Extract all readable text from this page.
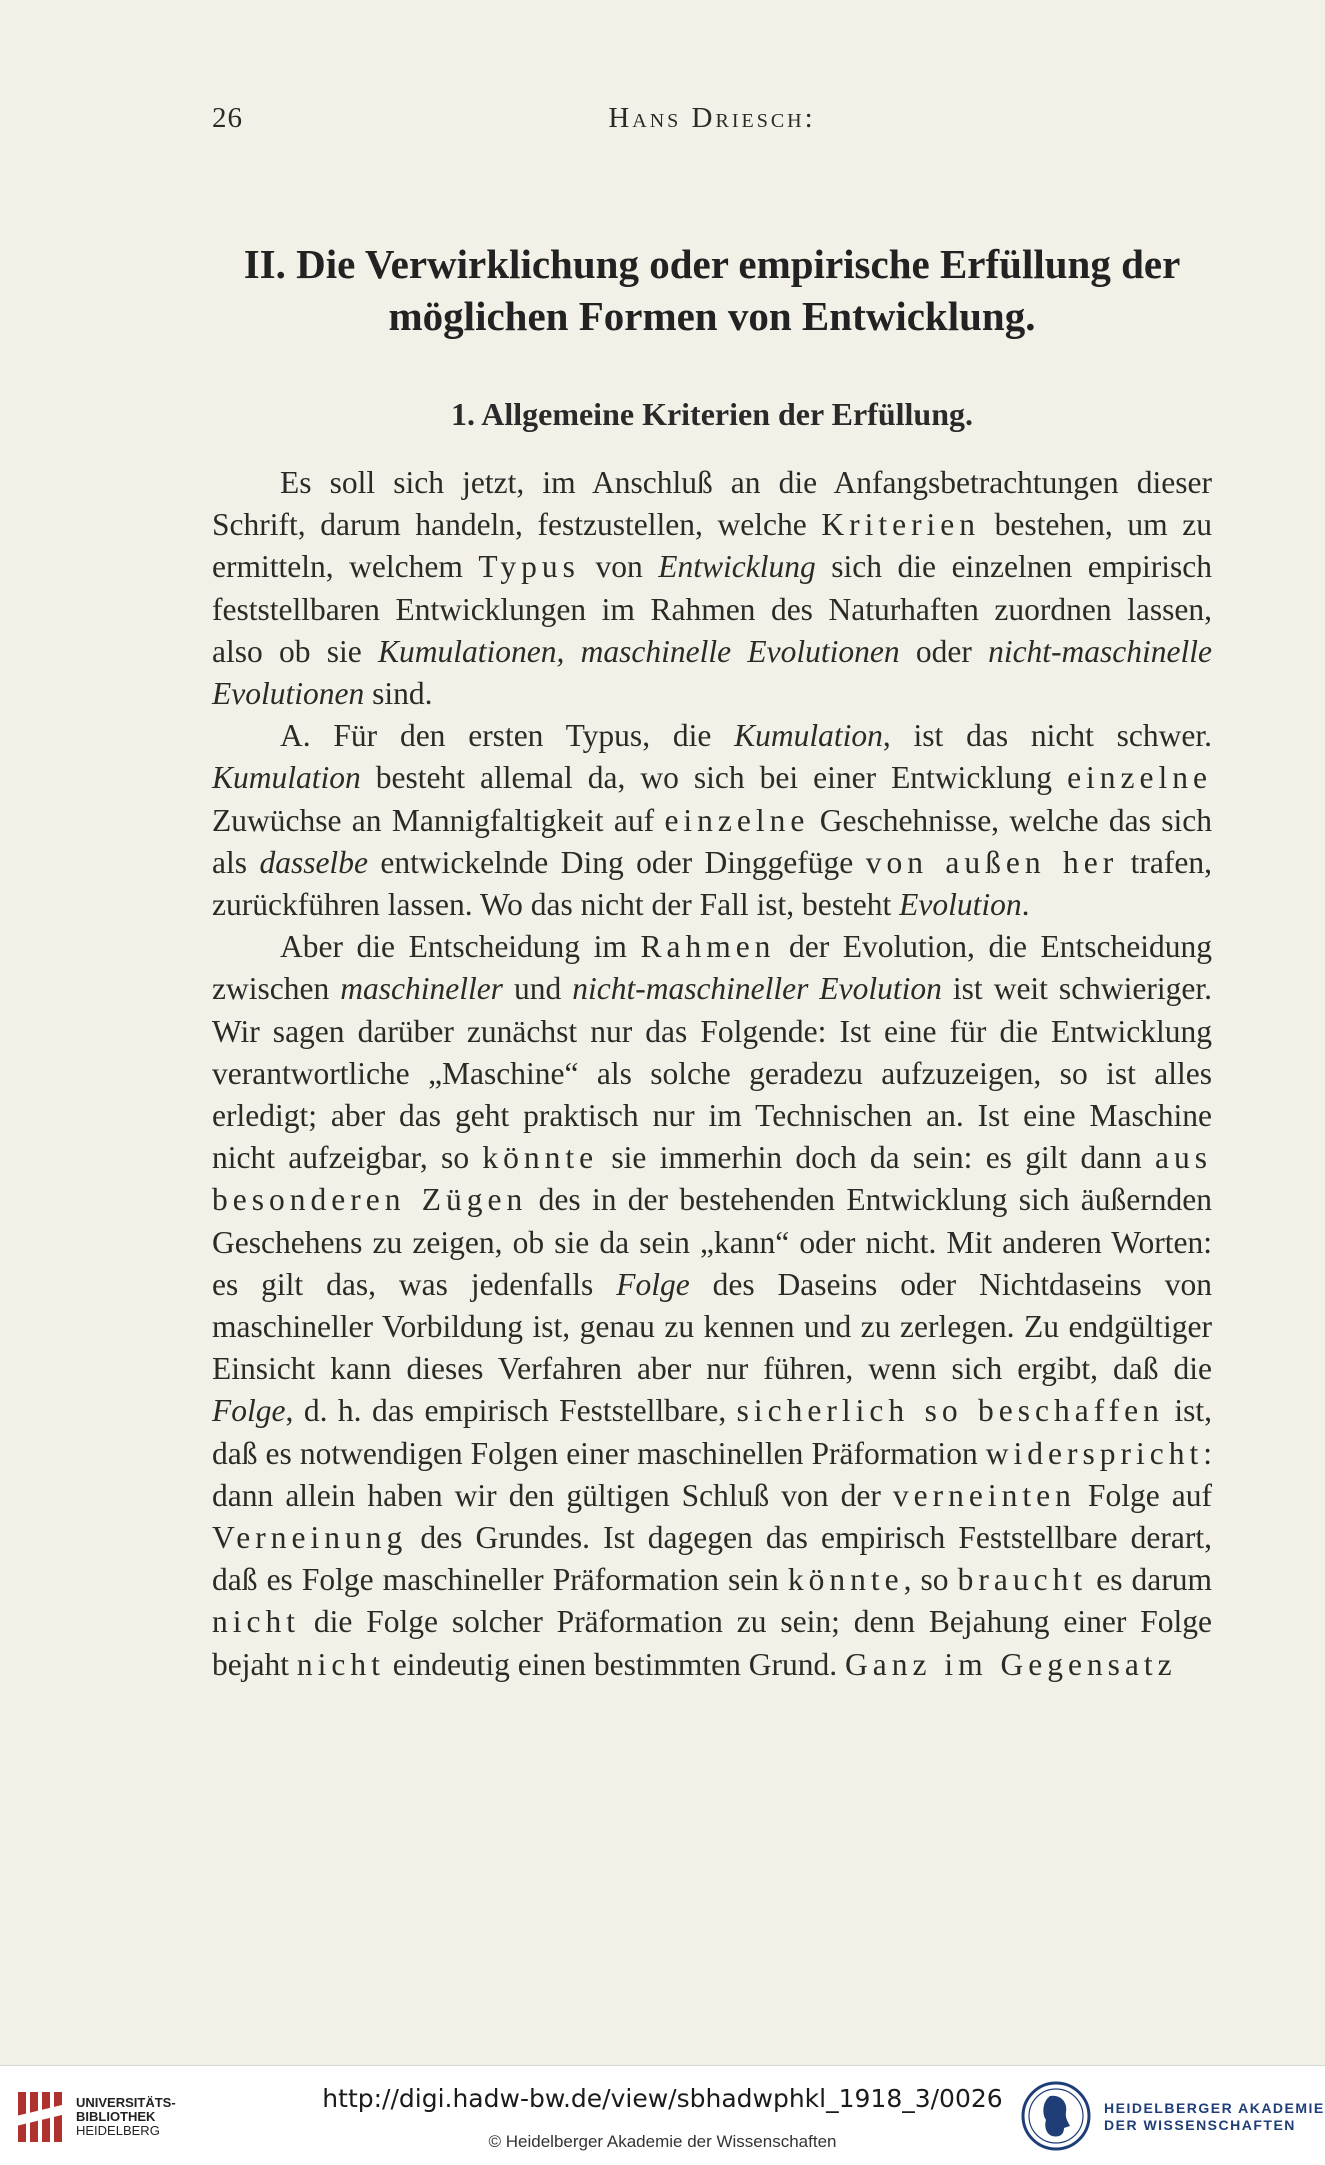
26	Hans Driesch:
II. Die Verwirklichung oder empirische Erfüllung der
möglichen Formen von Entwicklung.
1. Allgemeine Kriterien der Erfüllung.

Es soll sich jetzt, im Anschluß an die Anfangsbetrachtungen dieser Schrift, darum handeln, festzustellen, welche Kriterien bestehen, um zu ermitteln, welchem Typus von Entwicklung sich die einzelnen empirisch feststellbaren Entwicklungen im Rahmen des Naturhaften zuordnen lassen, also ob sie Kumulationen, maschinelle Evolutionen oder nicht-maschinelle Evolutionen sind.

A. Für den ersten Typus, die Kumulation, ist das nicht schwer. Kumulation besteht allemal da, wo sich bei einer Entwicklung einzelne Zuwüchse an Mannigfaltigkeit auf einzelne Geschehnisse, welche das sich als dasselbe entwickelnde Ding oder Dinggefüge von außen her trafen, zurückführen lassen. Wo das nicht der Fall ist, besteht Evolution.

Aber die Entscheidung im Rahmen der Evolution, die Entscheidung zwischen maschineller und nicht-maschineller Evolution ist weit schwieriger. Wir sagen darüber zunächst nur das Folgende: Ist eine für die Entwicklung verantwortliche „Maschine“ als solche geradezu aufzuzeigen, so ist alles erledigt; aber das geht praktisch nur im Technischen an. Ist eine Maschine nicht aufzeigbar, so könnte sie immerhin doch da sein: es gilt dann aus besonderen Zügen des in der bestehenden Entwicklung sich äußernden Geschehens zu zeigen, ob sie da sein „kann“ oder nicht. Mit anderen Worten: es gilt das, was jedenfalls Folge des Daseins oder Nichtdaseins von maschineller Vorbildung ist, genau zu kennen und zu zerlegen. Zu endgültiger Einsicht kann dieses Verfahren aber nur führen, wenn sich ergibt, daß die Folge, d. h. das empirisch Feststellbare, sicherlich so beschaffen ist, daß es notwendigen Folgen einer maschinellen Präformation widerspricht: dann allein haben wir den gültigen Schluß von der verneinten Folge auf Verneinung des Grundes. Ist dagegen das empirisch Feststellbare derart, daß es Folge maschineller Präformation sein könnte, so braucht es darum nicht die Folge solcher Präformation zu sein; denn Bejahung einer Folge bejaht nicht eindeutig einen bestimmten Grund. Ganz im Gegensatz

UNIVERSITÄTS-
BIBLIOTHEK
HEIDELBERG
http://digi.hadw-bw.de/view/sbhadwphkl_1918_3/0026
© Heidelberger Akademie der Wissenschaften
HEIDELBERGER AKADEMIE
DER WISSENSCHAFTEN
